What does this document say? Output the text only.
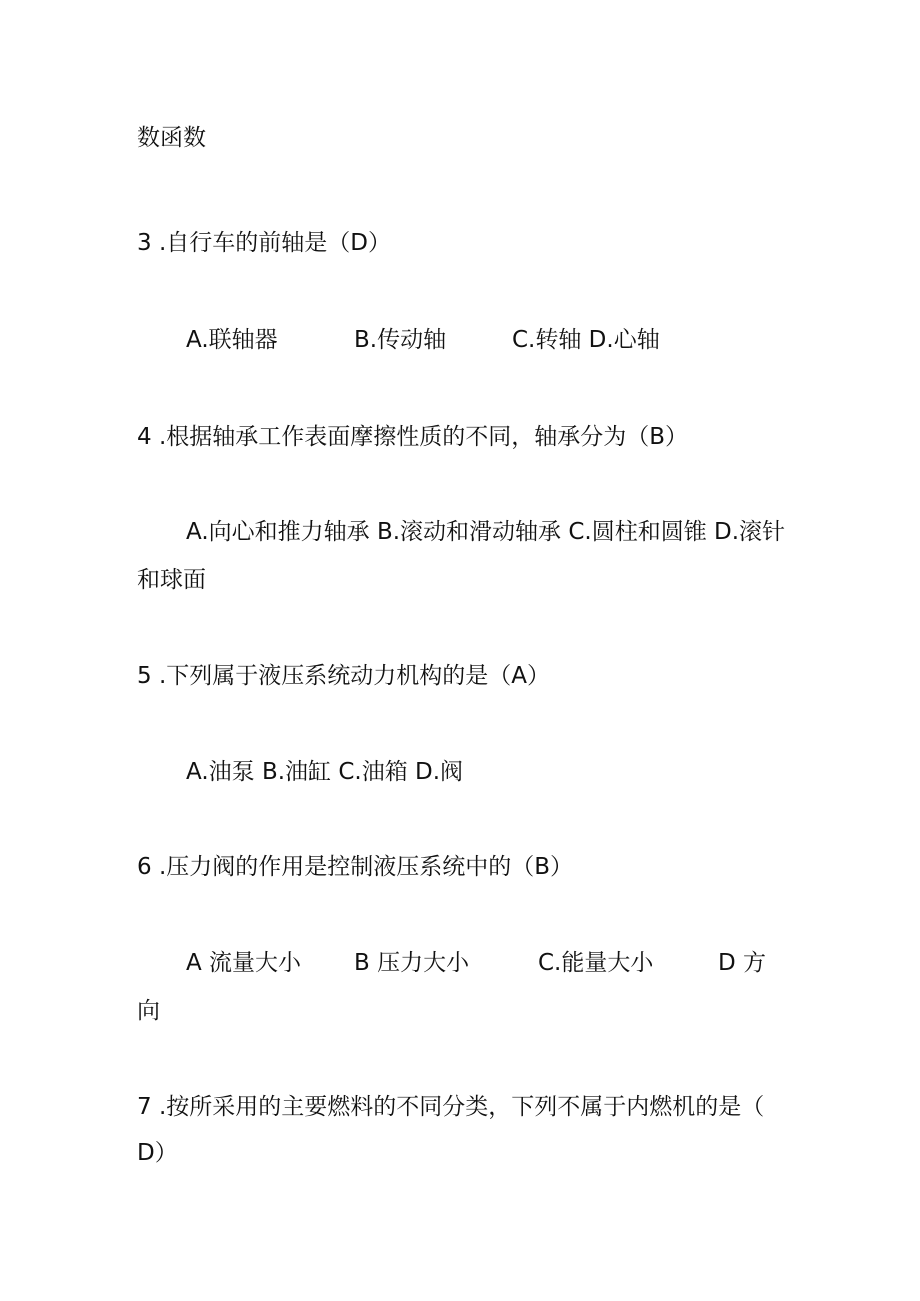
数函数

3 .自行车的前轴是（D）

A.联轴器	B.传动轴	C.转轴 D.心轴

4 .根据轴承工作表面摩擦性质的不同，轴承分为（B）

A.向心和推力轴承 B.滚动和滑动轴承 C.圆柱和圆锥 D.滚针

和球面

5 .下列属于液压系统动力机构的是（A）

A.油泵 B.油缸 C.油箱 D.阀

6 .压力阀的作用是控制液压系统中的（B）

A 流量大小 B 压力大小	C.能量大小	D 方

向

7 .按所采用的主要燃料的不同分类，下列不属于内燃机的是（

D）
